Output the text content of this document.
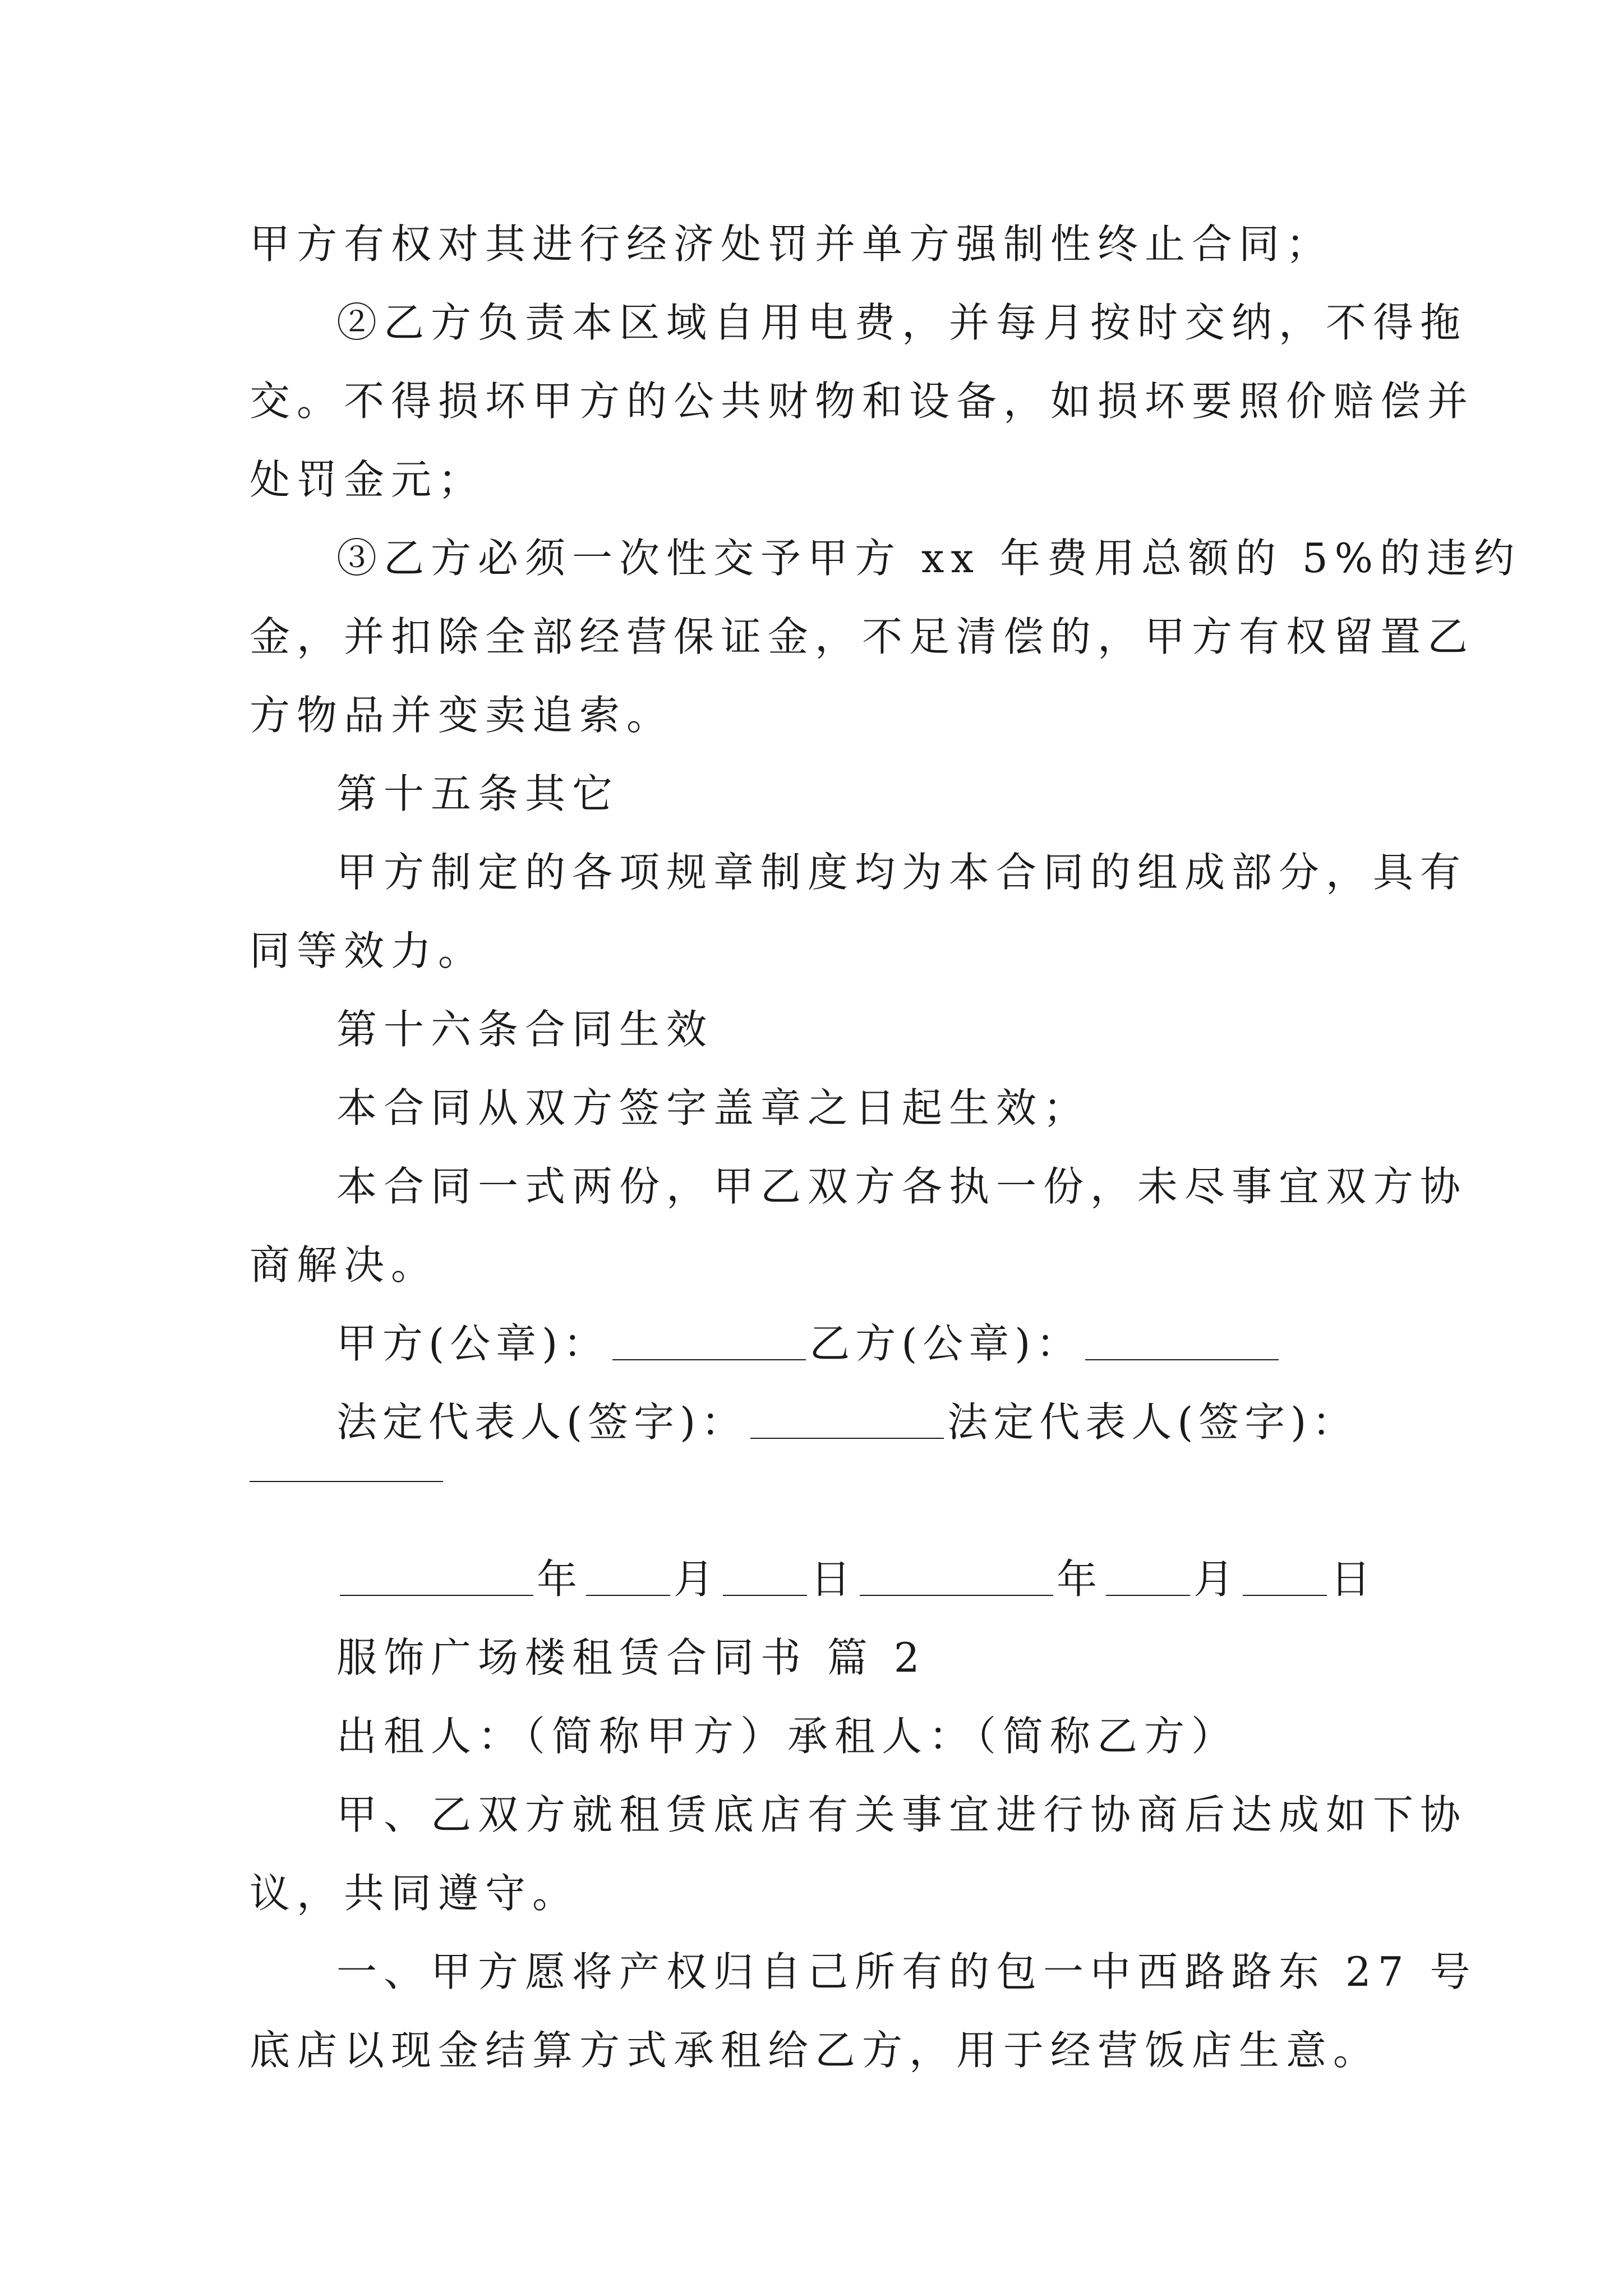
甲方有权对其进行经济处罚并单方强制性终止合同；
②乙方负责本区域自用电费，并每月按时交纳，不得拖
交。不得损坏甲方的公共财物和设备，如损坏要照价赔偿并
处罚金元；
③乙方必须一次性交予甲方 xx 年费用总额的 5%的违约
金，并扣除全部经营保证金，不足清偿的，甲方有权留置乙
方物品并变卖追索。
第十五条其它
甲方制定的各项规章制度均为本合同的组成部分，具有
同等效力。
第十六条合同生效
本合同从双方签字盖章之日起生效；
本合同一式两份，甲乙双方各执一份，未尽事宜双方协
商解决。
甲方(公章)：	乙方(公章)：
法定代表人(签字)：	法定代表人(签字)：
年 月 日	年 月 日
服饰广场楼租赁合同书 篇 2
出租人：（简称甲方）承租人：（简称乙方）
甲、乙双方就租赁底店有关事宜进行协商后达成如下协
议，共同遵守。
一、甲方愿将产权归自己所有的包一中西路路东 27 号
底店以现金结算方式承租给乙方，用于经营饭店生意。
